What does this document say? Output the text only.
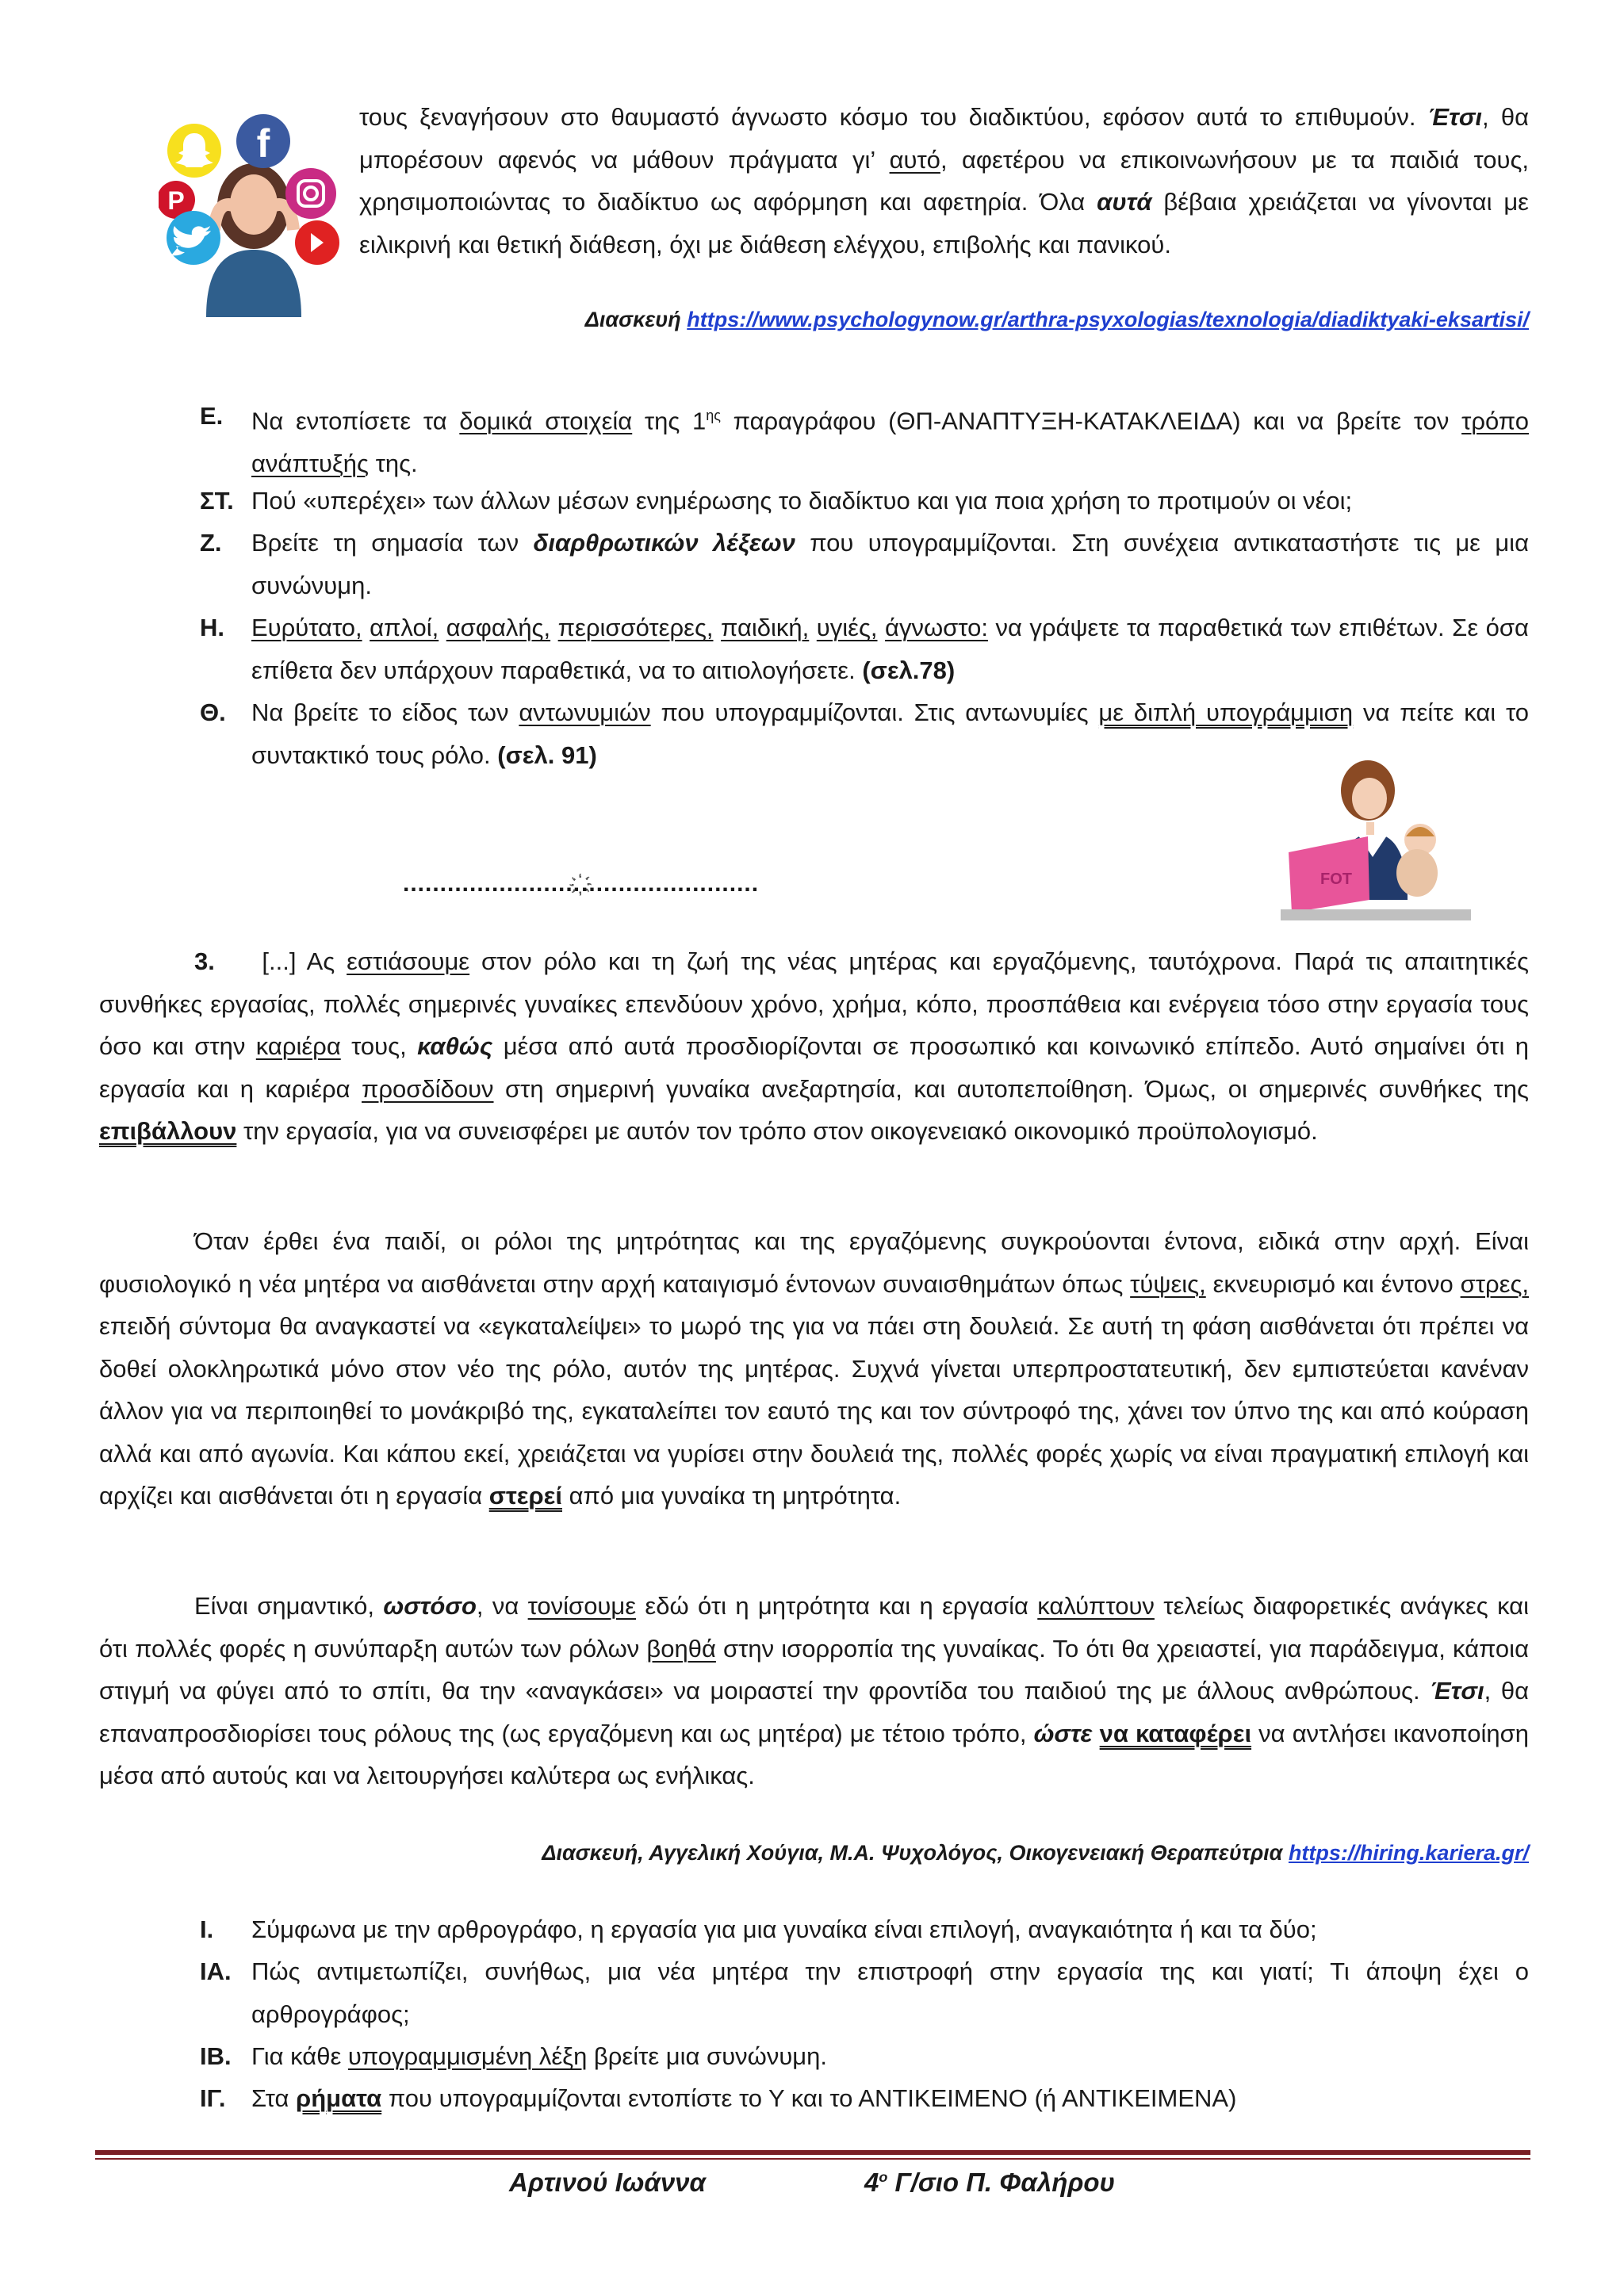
f
P
τους ξεναγήσουν στο θαυμαστό άγνωστο κόσμο του διαδικτύου, εφόσον αυτά το επιθυμούν. Έτσι, θα μπορέσουν αφενός να μάθουν πράγματα γι’ αυτό, αφετέρου να επικοινωνήσουν με τα παιδιά τους, χρησιμοποιώντας το διαδίκτυο ως αφόρμηση και αφετηρία. Όλα αυτά βέβαια χρειάζεται να γίνονται με ειλικρινή και θετική διάθεση, όχι με διάθεση ελέγχου, επιβολής και πανικού.
Διασκευή https://www.psychologynow.gr/arthra-psyxologias/texnologia/diadiktyaki-eksartisi/
Ε. Να εντοπίσετε τα δομικά στοιχεία της $1^{\eta\varsigma}$ παραγράφου (ΘΠ-ΑΝΑΠΤΥΞΗ-ΚΑΤΑΚΛΕΙΔΑ) και να βρείτε τον τρόπο ανάπτυξής της.
ΣΤ. Πού «υπερέχει» των άλλων μέσων ενημέρωσης το διαδίκτυο και για ποια χρήση το προτιμούν οι νέοι;
Ζ. Βρείτε τη σημασία των διαρθρωτικών λέξεων που υπογραμμίζονται. Στη συνέχεια αντικαταστήστε τις με μια συνώνυμη.
Η. Ευρύτατο, απλοί, ασφαλής, περισσότερες, παιδική, υγιές, άγνωστο: να γράψετε τα παραθετικά των επιθέτων. Σε όσα επίθετα δεν υπάρχουν παραθετικά, να το αιτιολογήσετε. (σελ.78)
Θ. Να βρείτε το είδος των αντωνυμιών που υπογραμμίζονται. Στις αντωνυμίες με διπλή υπογράμμιση να πείτε και το συντακτικό τους ρόλο. (σελ. 91)
FOT
........................҉҉҉........................
3. [...] Ας εστιάσουμε στον ρόλο και τη ζωή της νέας μητέρας και εργαζόμενης, ταυτόχρονα. Παρά τις απαιτητικές συνθήκες εργασίας, πολλές σημερινές γυναίκες επενδύουν χρόνο, χρήμα, κόπο, προσπάθεια και ενέργεια τόσο στην εργασία τους όσο και στην καριέρα τους, καθώς μέσα από αυτά προσδιορίζονται σε προσωπικό και κοινωνικό επίπεδο. Αυτό σημαίνει ότι η εργασία και η καριέρα προσδίδουν στη σημερινή γυναίκα ανεξαρτησία, και αυτοπεποίθηση. Όμως, οι σημερινές συνθήκες της επιβάλλουν την εργασία, για να συνεισφέρει με αυτόν τον τρόπο στον οικογενειακό οικονομικό προϋπολογισμό.
Όταν έρθει ένα παιδί, οι ρόλοι της μητρότητας και της εργαζόμενης συγκρούονται έντονα, ειδικά στην αρχή. Είναι φυσιολογικό η νέα μητέρα να αισθάνεται στην αρχή καταιγισμό έντονων συναισθημάτων όπως τύψεις, εκνευρισμό και έντονο στρες, επειδή σύντομα θα αναγκαστεί να «εγκαταλείψει» το μωρό της για να πάει στη δουλειά. Σε αυτή τη φάση αισθάνεται ότι πρέπει να δοθεί ολοκληρωτικά μόνο στον νέο της ρόλο, αυτόν της μητέρας. Συχνά γίνεται υπερπροστατευτική, δεν εμπιστεύεται κανέναν άλλον για να περιποιηθεί το μονάκριβό της, εγκαταλείπει τον εαυτό της και τον σύντροφό της, χάνει τον ύπνο της και από κούραση αλλά και από αγωνία. Και κάπου εκεί, χρειάζεται να γυρίσει στην δουλειά της, πολλές φορές χωρίς να είναι πραγματική επιλογή και αρχίζει και αισθάνεται ότι η εργασία στερεί από μια γυναίκα τη μητρότητα.
Είναι σημαντικό, ωστόσο, να τονίσουμε εδώ ότι η μητρότητα και η εργασία καλύπτουν τελείως διαφορετικές ανάγκες και ότι πολλές φορές η συνύπαρξη αυτών των ρόλων βοηθά στην ισορροπία της γυναίκας. Το ότι θα χρειαστεί, για παράδειγμα, κάποια στιγμή να φύγει από το σπίτι, θα την «αναγκάσει» να μοιραστεί την φροντίδα του παιδιού της με άλλους ανθρώπους. Έτσι, θα επαναπροσδιορίσει τους ρόλους της (ως εργαζόμενη και ως μητέρα) με τέτοιο τρόπο, ώστε να καταφέρει να αντλήσει ικανοποίηση μέσα από αυτούς και να λειτουργήσει καλύτερα ως ενήλικας.
Διασκευή, Αγγελική Χούγια, Μ.Α. Ψυχολόγος, Οικογενειακή Θεραπεύτρια https://hiring.kariera.gr/
Ι. Σύμφωνα με την αρθρογράφο, η εργασία για μια γυναίκα είναι επιλογή, αναγκαιότητα ή και τα δύο;
ΙΑ. Πώς αντιμετωπίζει, συνήθως, μια νέα μητέρα την επιστροφή στην εργασία της και γιατί; Τι άποψη έχει ο αρθρογράφος;
ΙΒ. Για κάθε υπογραμμισμένη λέξη βρείτε μια συνώνυμη.
ΙΓ. Στα ρήματα που υπογραμμίζονται εντοπίστε το Υ και το ΑΝΤΙΚΕΙΜΕΝΟ (ή ΑΝΤΙΚΕΙΜΕΝΑ)
Αρτινού Ιωάννα	$4^o$ Γ/σιο Π. Φαλήρου
